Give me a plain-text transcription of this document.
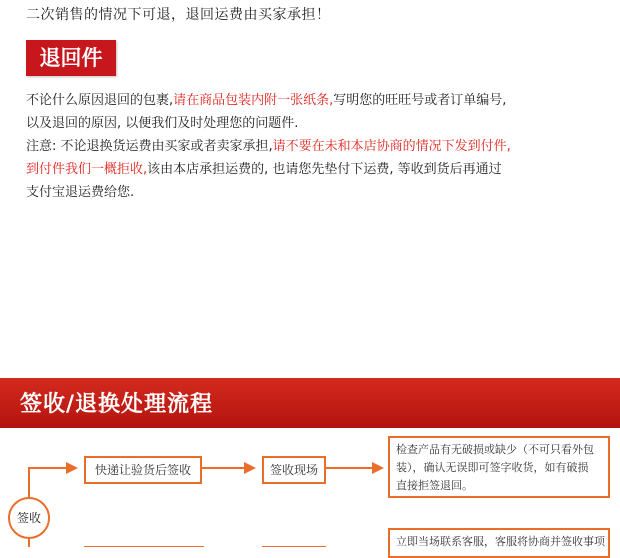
二次销售的情况下可退，退回运费由买家承担！
退回件
不论什么原因退回的包裹,请在商品包装内附一张纸条,写明您的旺旺号或者订单编号,
以及退回的原因, 以便我们及时处理您的问题件.
注意: 不论退换货运费由买家或者卖家承担,请不要在未和本店协商的情况下发到付件,
到付件我们一概拒收,该由本店承担运费的, 也请您先垫付下运费, 等收到货后再通过
支付宝退运费给您.
签收/退换处理流程
签收
快递让验货后签收	签收现场
检查产品有无破损或缺少（不可只看外包
装），确认无误即可签字收货，如有破损
直接拒签退回。
立即当场联系客服，客服将协商并签收事项
